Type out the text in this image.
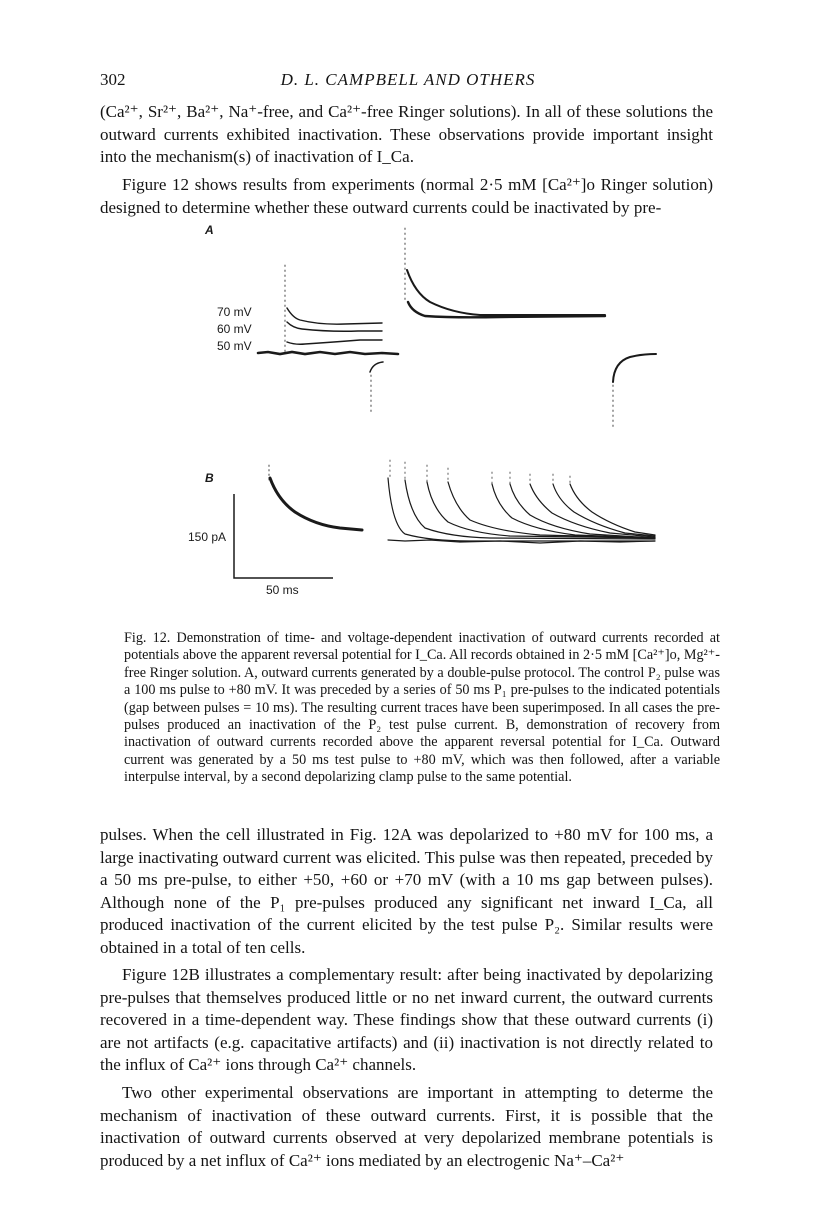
302	D. L. CAMPBELL AND OTHERS

(Ca²⁺, Sr²⁺, Ba²⁺, Na⁺-free, and Ca²⁺-free Ringer solutions). In all of these solutions the outward currents exhibited inactivation. These observations provide important insight into the mechanism(s) of inactivation of I_Ca.

Figure 12 shows results from experiments (normal 2·5 mM [Ca²⁺]o Ringer solution) designed to determine whether these outward currents could be inactivated by pre-

A
70 mV
60 mV
50 mV
B
150 pA
50 ms

Fig. 12. Demonstration of time- and voltage-dependent inactivation of outward currents recorded at potentials above the apparent reversal potential for I_Ca. All records obtained in 2·5 mM [Ca²⁺]o, Mg²⁺-free Ringer solution. A, outward currents generated by a double-pulse protocol. The control P₂ pulse was a 100 ms pulse to +80 mV. It was preceded by a series of 50 ms P₁ pre-pulses to the indicated potentials (gap between pulses = 10 ms). The resulting current traces have been superimposed. In all cases the pre-pulses produced an inactivation of the P₂ test pulse current. B, demonstration of recovery from inactivation of outward currents recorded above the apparent reversal potential for I_Ca. Outward current was generated by a 50 ms test pulse to +80 mV, which was then followed, after a variable interpulse interval, by a second depolarizing clamp pulse to the same potential.

pulses. When the cell illustrated in Fig. 12A was depolarized to +80 mV for 100 ms, a large inactivating outward current was elicited. This pulse was then repeated, preceded by a 50 ms pre-pulse, to either +50, +60 or +70 mV (with a 10 ms gap between pulses). Although none of the P₁ pre-pulses produced any significant net inward I_Ca, all produced inactivation of the current elicited by the test pulse P₂. Similar results were obtained in a total of ten cells.

Figure 12B illustrates a complementary result: after being inactivated by depolarizing pre-pulses that themselves produced little or no net inward current, the outward currents recovered in a time-dependent way. These findings show that these outward currents (i) are not artifacts (e.g. capacitative artifacts) and (ii) inactivation is not directly related to the influx of Ca²⁺ ions through Ca²⁺ channels.

Two other experimental observations are important in attempting to determe the mechanism of inactivation of these outward currents. First, it is possible that the inactivation of outward currents observed at very depolarized membrane potentials is produced by a net influx of Ca²⁺ ions mediated by an electrogenic Na⁺–Ca²⁺
